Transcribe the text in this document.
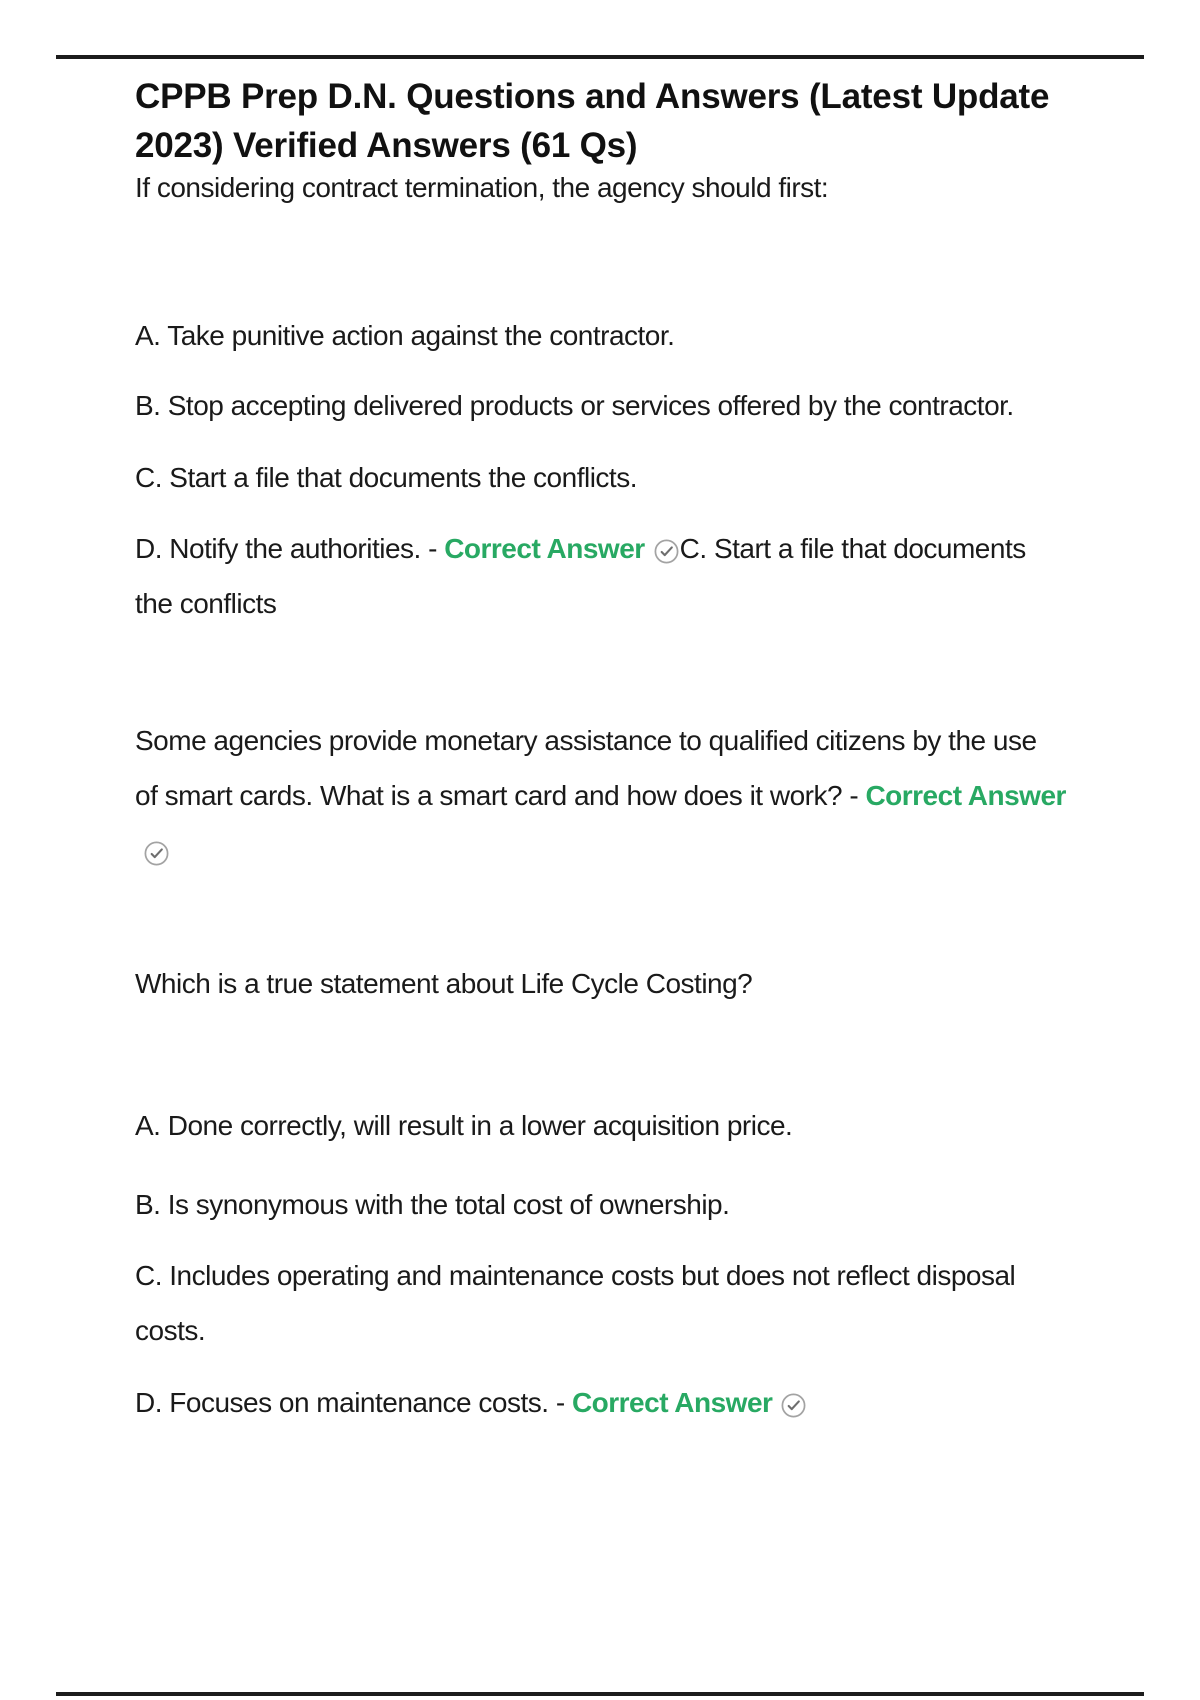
CPPB Prep D.N. Questions and Answers (Latest Update
2023) Verified Answers (61 Qs)

If considering contract termination, the agency should first:

A. Take punitive action against the contractor.

B. Stop accepting delivered products or services offered by the contractor.

C. Start a file that documents the conflicts.

D. Notify the authorities. - Correct Answer C. Start a file that documents
the conflicts

Some agencies provide monetary assistance to qualified citizens by the use
of smart cards. What is a smart card and how does it work? - Correct Answer

Which is a true statement about Life Cycle Costing?

A. Done correctly, will result in a lower acquisition price.

B. Is synonymous with the total cost of ownership.

C. Includes operating and maintenance costs but does not reflect disposal
costs.

D. Focuses on maintenance costs. - Correct Answer
